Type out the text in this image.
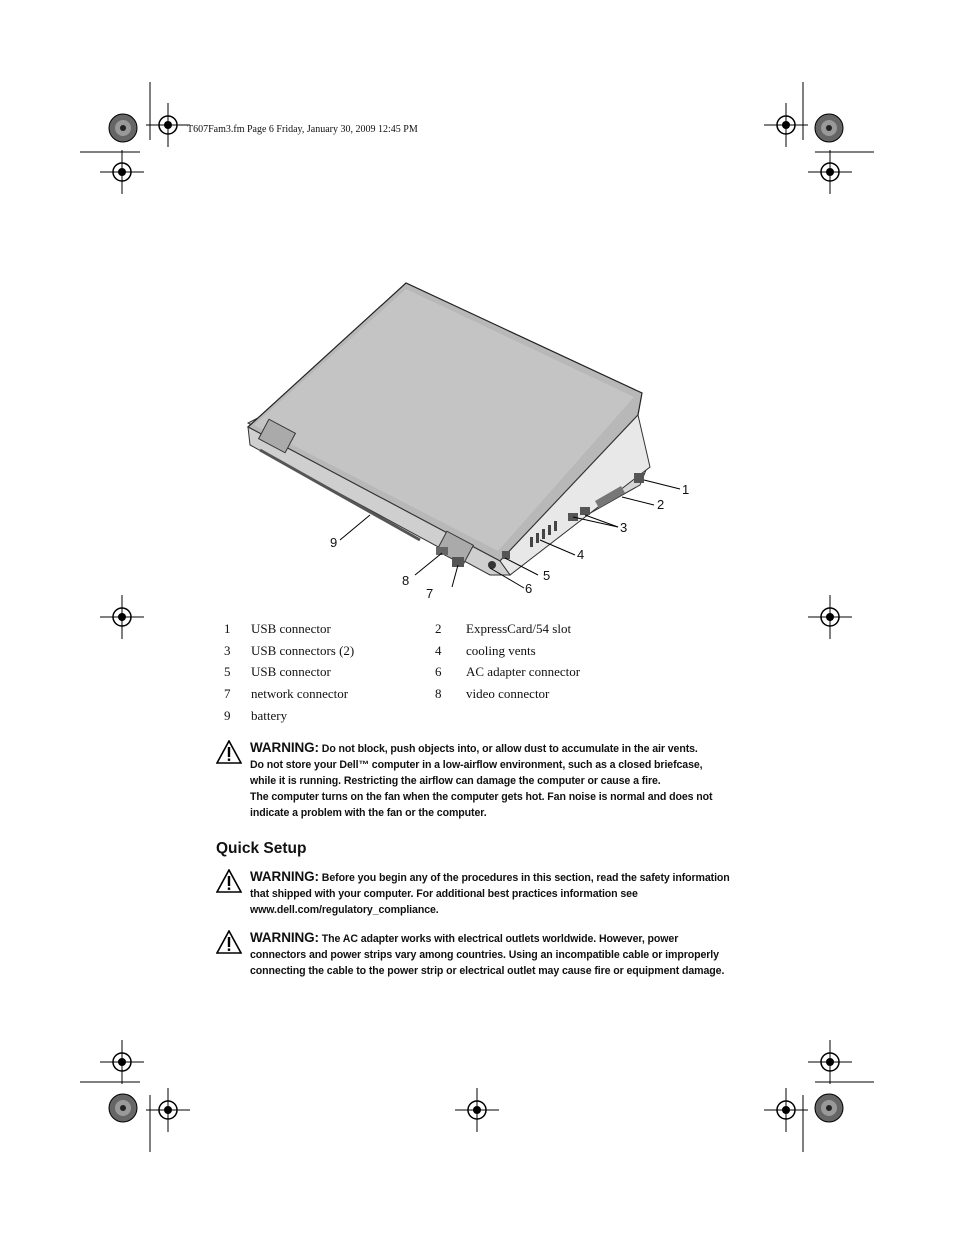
T607Fam3.fm Page 6 Friday, January 30, 2009 12:45 PM
1
2
3
4
5
6
7
8
9
1 USB connector	2 ExpressCard/54 slot
3 USB connectors (2)	4 cooling vents
5 USB connector	6 AC adapter connector
7 network connector	8 video connector
9 battery
WARNING: Do not block, push objects into, or allow dust to accumulate in the air vents.
Do not store your Dell™ computer in a low-airflow environment, such as a closed briefcase,
while it is running. Restricting the airflow can damage the computer or cause a fire.
The computer turns on the fan when the computer gets hot. Fan noise is normal and does not
indicate a problem with the fan or the computer.
Quick Setup
WARNING: Before you begin any of the procedures in this section, read the safety information
that shipped with your computer. For additional best practices information see
www.dell.com/regulatory_compliance.
WARNING: The AC adapter works with electrical outlets worldwide. However, power
connectors and power strips vary among countries. Using an incompatible cable or improperly
connecting the cable to the power strip or electrical outlet may cause fire or equipment damage.
